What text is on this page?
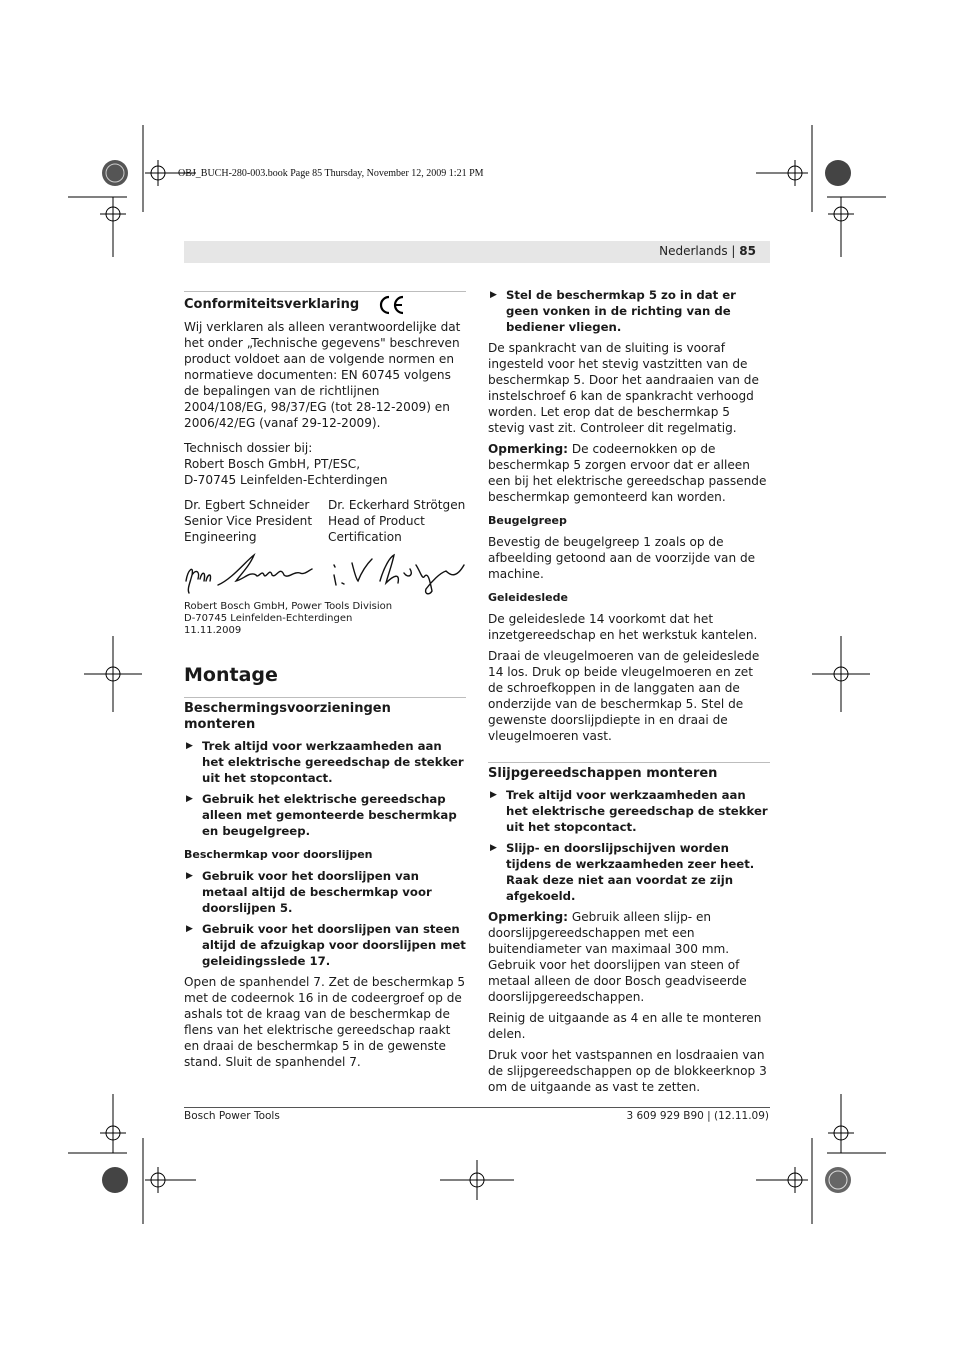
OBJ_BUCH-280-003.book Page 85 Thursday, November 12, 2009 1:21 PM
Nederlands | 85
Conformiteitsverklaring

Wij verklaren als alleen verantwoordelijke dat het onder „Technische gegevens" beschreven product voldoet aan de volgende normen en normatieve documenten: EN 60745 volgens de bepalingen van de richtlijnen 2004/108/EG, 98/37/EG (tot 28-12-2009) en 2006/42/EG (vanaf 29-12-2009).

Technisch dossier bij:
Robert Bosch GmbH, PT/ESC,
D-70745 Leinfelden-Echterdingen

Dr. Egbert Schneider
Senior Vice President
Engineering
Dr. Eckerhard Strötgen
Head of Product
Certification
Robert Bosch GmbH, Power Tools Division
D-70745 Leinfelden-Echterdingen
11.11.2009
Montage
Beschermingsvoorzieningen monteren
▶ Trek altijd voor werkzaamheden aan het elektrische gereedschap de stekker uit het stopcontact.
▶ Gebruik het elektrische gereedschap alleen met gemonteerde beschermkap en beugelgreep.
Beschermkap voor doorslijpen
▶ Gebruik voor het doorslijpen van metaal altijd de beschermkap voor doorslijpen 5.
▶ Gebruik voor het doorslijpen van steen altijd de afzuigkap voor doorslijpen met geleidingsslede 17.

Open de spanhendel 7. Zet de beschermkap 5 met de codeernok 16 in de codeergroef op de ashals tot de kraag van de beschermkap de flens van het elektrische gereedschap raakt en draai de beschermkap 5 in de gewenste stand. Sluit de spanhendel 7.

▶ Stel de beschermkap 5 zo in dat er geen vonken in de richting van de bediener vliegen.

De spankracht van de sluiting is vooraf ingesteld voor het stevig vastzitten van de beschermkap 5. Door het aandraaien van de instelschroef 6 kan de spankracht verhoogd worden. Let erop dat de beschermkap 5 stevig vast zit. Controleer dit regelmatig.

Opmerking: De codeernokken op de beschermkap 5 zorgen ervoor dat er alleen een bij het elektrische gereedschap passende beschermkap gemonteerd kan worden.

Beugelgreep

Bevestig de beugelgreep 1 zoals op de afbeelding getoond aan de voorzijde van de machine.

Geleideslede

De geleideslede 14 voorkomt dat het inzetgereedschap en het werkstuk kantelen.

Draai de vleugelmoeren van de geleideslede 14 los. Druk op beide vleugelmoeren en zet de schroefkoppen in de langgaten aan de onderzijde van de beschermkap 5. Stel de gewenste doorslijpdiepte in en draai de vleugelmoeren vast.

Slijpgereedschappen monteren
▶ Trek altijd voor werkzaamheden aan het elektrische gereedschap de stekker uit het stopcontact.
▶ Slijp- en doorslijpschijven worden tijdens de werkzaamheden zeer heet. Raak deze niet aan voordat ze zijn afgekoeld.

Opmerking: Gebruik alleen slijp- en doorslijpgereedschappen met een buitendiameter van maximaal 300 mm. Gebruik voor het doorslijpen van steen of metaal alleen de door Bosch geadviseerde doorslijpgereedschappen.

Reinig de uitgaande as 4 en alle te monteren delen.

Druk voor het vastspannen en losdraaien van de slijpgereedschappen op de blokkeerknop 3 om de uitgaande as vast te zetten.

Bosch Power Tools	3 609 929 B90 | (12.11.09)
